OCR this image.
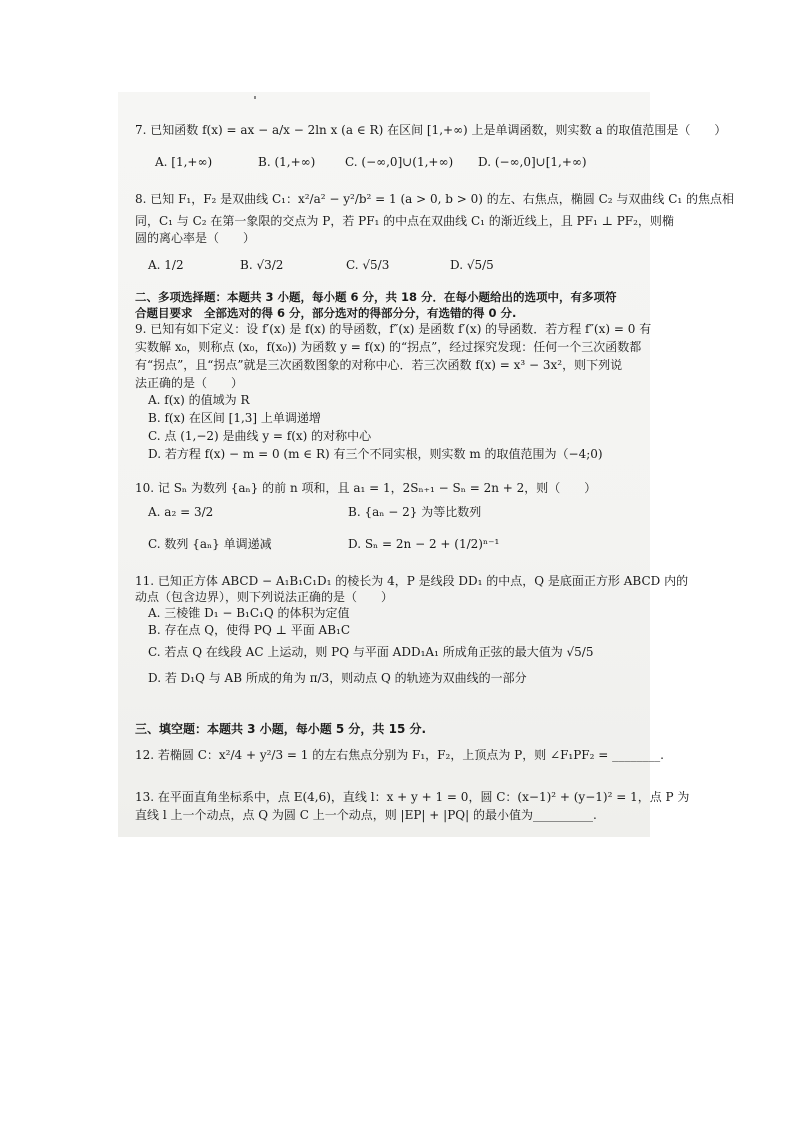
7. 已知函数 f(x) = ax − a/x − 2ln x (a ∈ R) 在区间 [1,+∞) 上是单调函数，则实数 a 的取值范围是（　　）
A. [1,+∞)	B. (1,+∞) C. (−∞,0]∪(1,+∞) D. (−∞,0]∪[1,+∞)
8. 已知 F₁，F₂ 是双曲线 C₁：x²/a² − y²/b² = 1 (a > 0, b > 0) 的左、右焦点，椭圆 C₂ 与双曲线 C₁ 的焦点相
同，C₁ 与 C₂ 在第一象限的交点为 P，若 PF₁ 的中点在双曲线 C₁ 的渐近线上，且 PF₁ ⊥ PF₂，则椭
圆的离心率是（　　）
A. 1/2	B. √3/2	C. √5/3	D. √5/5
二、多项选择题：本题共 3 小题，每小题 6 分，共 18 分．在每小题给出的选项中，有多项符
合题目要求　全部选对的得 6 分，部分选对的得部分分，有选错的得 0 分.
9. 已知有如下定义：设 f′(x) 是 f(x) 的导函数，f″(x) 是函数 f′(x) 的导函数．若方程 f″(x) = 0 有
实数解 x₀，则称点 (x₀，f(x₀)) 为函数 y = f(x) 的“拐点”，经过探究发现：任何一个三次函数都
有“拐点”，且“拐点”就是三次函数图象的对称中心．若三次函数 f(x) = x³ − 3x²，则下列说
法正确的是（　　）
A. f(x) 的值域为 R
B. f(x) 在区间 [1,3] 上单调递增
C. 点 (1,−2) 是曲线 y = f(x) 的对称中心
D. 若方程 f(x) − m = 0 (m ∈ R) 有三个不同实根，则实数 m 的取值范围为（−4;0)
10. 记 Sₙ 为数列 {aₙ} 的前 n 项和，且 a₁ = 1，2Sₙ₊₁ − Sₙ = 2n + 2，则（　　）
A. a₂ = 3/2	B. {aₙ − 2} 为等比数列
C. 数列 {aₙ} 单调递减	D. Sₙ = 2n − 2 + (1/2)ⁿ⁻¹
11. 已知正方体 ABCD − A₁B₁C₁D₁ 的棱长为 4，P 是线段 DD₁ 的中点，Q 是底面正方形 ABCD 内的
动点（包含边界），则下列说法正确的是（　　）
A. 三棱锥 D₁ − B₁C₁Q 的体积为定值
B. 存在点 Q，使得 PQ ⊥ 平面 AB₁C
C. 若点 Q 在线段 AC 上运动，则 PQ 与平面 ADD₁A₁ 所成角正弦的最大值为 √5/5
D. 若 D₁Q 与 AB 所成的角为 π/3，则动点 Q 的轨迹为双曲线的一部分
三、填空题：本题共 3 小题，每小题 5 分，共 15 分.
12. 若椭圆 C：x²/4 + y²/3 = 1 的左右焦点分别为 F₁，F₂，上顶点为 P，则 ∠F₁PF₂ = ________.
13. 在平面直角坐标系中，点 E(4,6)，直线 l：x + y + 1 = 0，圆 C：(x−1)² + (y−1)² = 1，点 P 为
直线 l 上一个动点，点 Q 为圆 C 上一个动点，则 |EP| + |PQ| 的最小值为__________.
